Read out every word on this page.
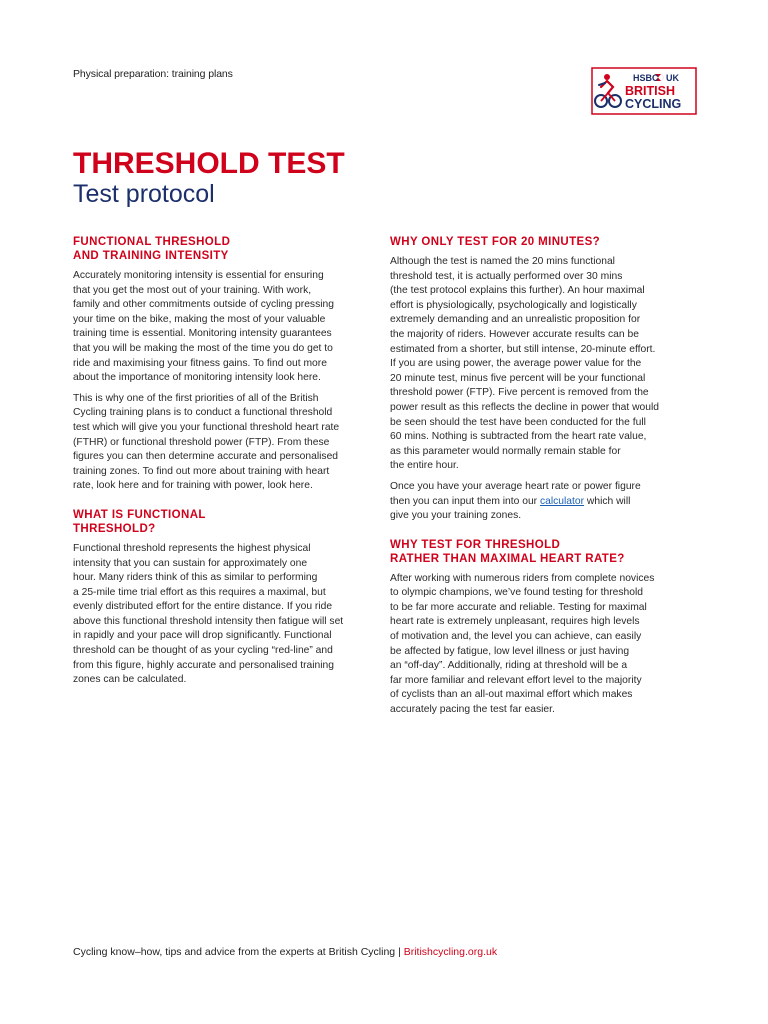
Physical preparation: training plans	HSBC UK
BRITISH
CYCLING
THRESHOLD TEST
Test protocol
FUNCTIONAL THRESHOLD
AND TRAINING INTENSITY

Accurately monitoring intensity is essential for ensuring
that you get the most out of your training. With work,
family and other commitments outside of cycling pressing
your time on the bike, making the most of your valuable
training time is essential. Monitoring intensity guarantees
that you will be making the most of the time you do get to
ride and maximising your fitness gains. To find out more
about the importance of monitoring intensity look here.

This is why one of the first priorities of all of the British
Cycling training plans is to conduct a functional threshold
test which will give you your functional threshold heart rate
(FTHR) or functional threshold power (FTP). From these
figures you can then determine accurate and personalised
training zones. To find out more about training with heart
rate, look here and for training with power, look here.

WHAT IS FUNCTIONAL
THRESHOLD?

Functional threshold represents the highest physical
intensity that you can sustain for approximately one
hour. Many riders think of this as similar to performing
a 25-mile time trial effort as this requires a maximal, but
evenly distributed effort for the entire distance. If you ride
above this functional threshold intensity then fatigue will set
in rapidly and your pace will drop significantly. Functional
threshold can be thought of as your cycling “red-line” and
from this figure, highly accurate and personalised training
zones can be calculated.

WHY ONLY TEST FOR 20 MINUTES?

Although the test is named the 20 mins functional
threshold test, it is actually performed over 30 mins
(the test protocol explains this further). An hour maximal
effort is physiologically, psychologically and logistically
extremely demanding and an unrealistic proposition for
the majority of riders. However accurate results can be
estimated from a shorter, but still intense, 20-minute effort.
If you are using power, the average power value for the
20 minute test, minus five percent will be your functional
threshold power (FTP). Five percent is removed from the
power result as this reflects the decline in power that would
be seen should the test have been conducted for the full
60 mins. Nothing is subtracted from the heart rate value,
as this parameter would normally remain stable for
the entire hour.

Once you have your average heart rate or power figure
then you can input them into our calculator which will
give you your training zones.

WHY TEST FOR THRESHOLD
RATHER THAN MAXIMAL HEART RATE?

After working with numerous riders from complete novices
to olympic champions, we’ve found testing for threshold
to be far more accurate and reliable. Testing for maximal
heart rate is extremely unpleasant, requires high levels
of motivation and, the level you can achieve, can easily
be affected by fatigue, low level illness or just having
an “off-day”. Additionally, riding at threshold will be a
far more familiar and relevant effort level to the majority
of cyclists than an all-out maximal effort which makes
accurately pacing the test far easier.

Cycling know–how, tips and advice from the experts at British Cycling | Britishcycling.org.uk
